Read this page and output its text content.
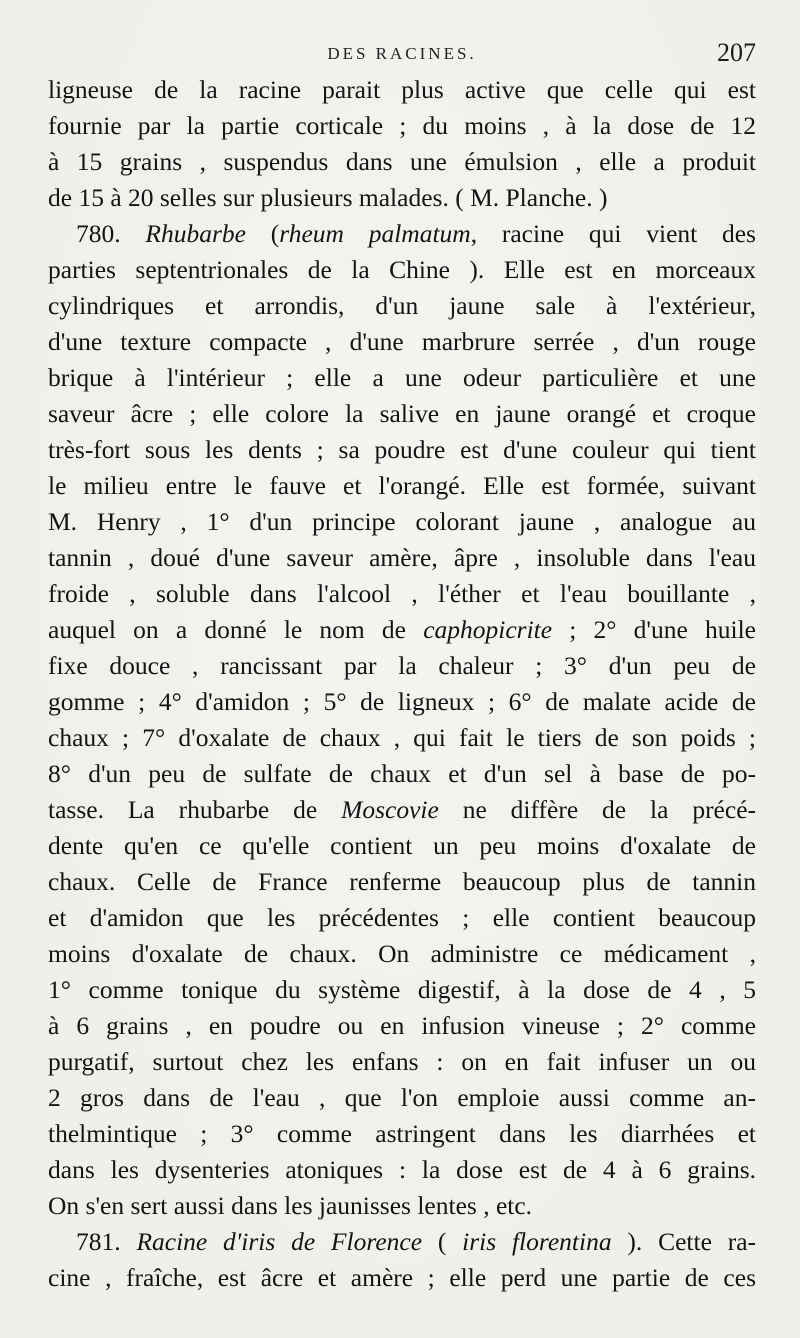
DES RACINES.	207
ligneuse de la racine parait plus active que celle qui est
fournie par la partie corticale ; du moins , à la dose de 12
à 15 grains , suspendus dans une émulsion , elle a produit
de 15 à 20 selles sur plusieurs malades. ( M. Planche. )
780. Rhubarbe (rheum palmatum, racine qui vient des
parties septentrionales de la Chine ). Elle est en morceaux
cylindriques et arrondis, d'un jaune sale à l'extérieur,
d'une texture compacte , d'une marbrure serrée , d'un rouge
brique à l'intérieur ; elle a une odeur particulière et une
saveur âcre ; elle colore la salive en jaune orangé et croque
très-fort sous les dents ; sa poudre est d'une couleur qui tient
le milieu entre le fauve et l'orangé. Elle est formée, suivant
M. Henry , 1° d'un principe colorant jaune , analogue au
tannin , doué d'une saveur amère, âpre , insoluble dans l'eau
froide , soluble dans l'alcool , l'éther et l'eau bouillante ,
auquel on a donné le nom de caphopicrite ; 2° d'une huile
fixe douce , rancissant par la chaleur ; 3° d'un peu de
gomme ; 4° d'amidon ; 5° de ligneux ; 6° de malate acide de
chaux ; 7° d'oxalate de chaux , qui fait le tiers de son poids ;
8° d'un peu de sulfate de chaux et d'un sel à base de po-
tasse. La rhubarbe de Moscovie ne diffère de la précé-
dente qu'en ce qu'elle contient un peu moins d'oxalate de
chaux. Celle de France renferme beaucoup plus de tannin
et d'amidon que les précédentes ; elle contient beaucoup
moins d'oxalate de chaux. On administre ce médicament ,
1° comme tonique du système digestif, à la dose de 4 , 5
à 6 grains , en poudre ou en infusion vineuse ; 2° comme
purgatif, surtout chez les enfans : on en fait infuser un ou
2 gros dans de l'eau , que l'on emploie aussi comme an-
thelmintique ; 3° comme astringent dans les diarrhées et
dans les dysenteries atoniques : la dose est de 4 à 6 grains.
On s'en sert aussi dans les jaunisses lentes , etc.
781. Racine d'iris de Florence ( iris florentina ). Cette ra-
cine , fraîche, est âcre et amère ; elle perd une partie de ces
